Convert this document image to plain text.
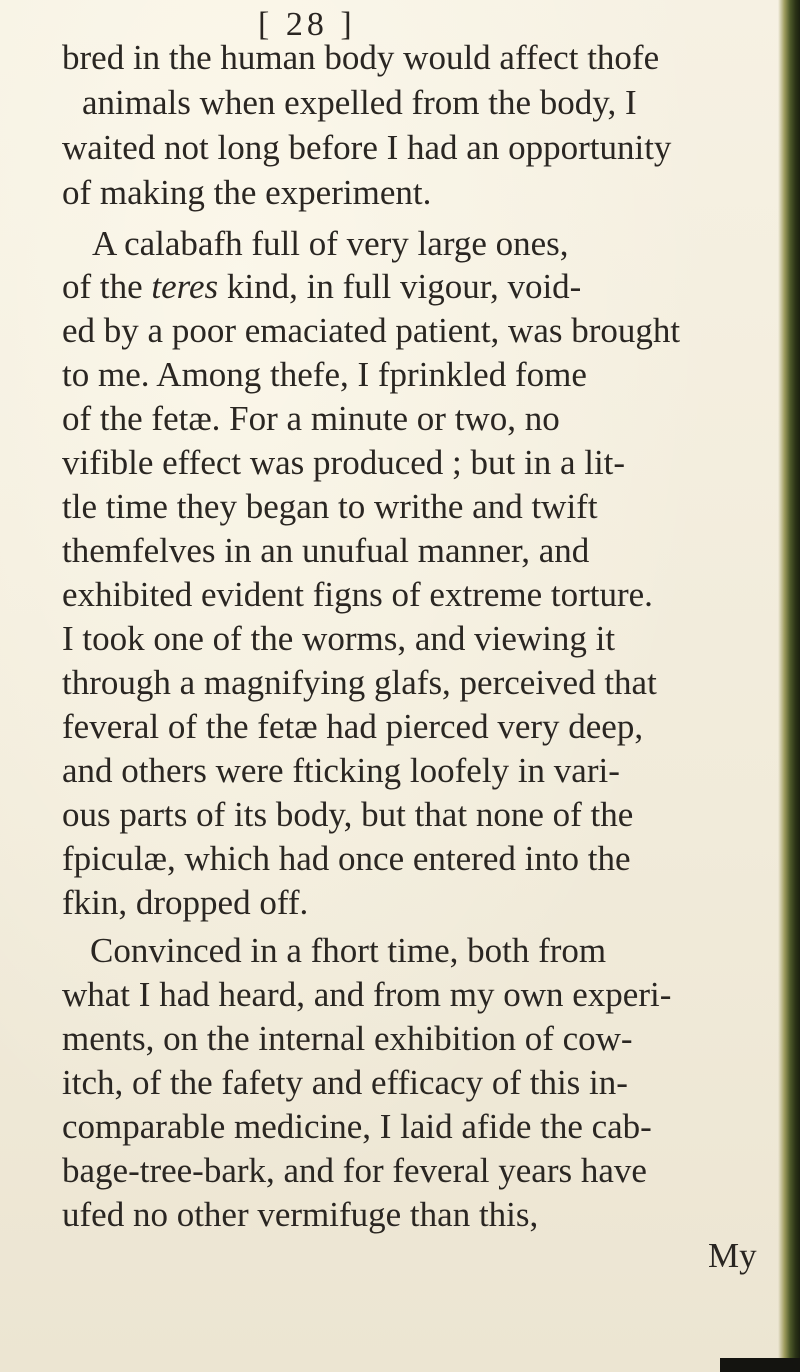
[ 28 ]
bred in the human body would affect thofe
animals when expelled from the body, I
waited not long before I had an opportunity
of making the experiment.
A calabafh full of very large ones,
of the teres kind, in full vigour, void-
ed by a poor emaciated patient, was brought
to me. Among thefe, I fprinkled fome
of the fetæ. For a minute or two, no
vifible effect was produced ; but in a lit-
tle time they began to writhe and twift
themfelves in an unufual manner, and
exhibited evident figns of extreme torture.
I took one of the worms, and viewing it
through a magnifying glafs, perceived that
feveral of the fetæ had pierced very deep,
and others were fticking loofely in vari-
ous parts of its body, but that none of the
fpiculæ, which had once entered into the
fkin, dropped off.
Convinced in a fhort time, both from
what I had heard, and from my own experi-
ments, on the internal exhibition of cow-
itch, of the fafety and efficacy of this in-
comparable medicine, I laid afide the cab-
bage-tree-bark, and for feveral years have
ufed no other vermifuge than this,
My
